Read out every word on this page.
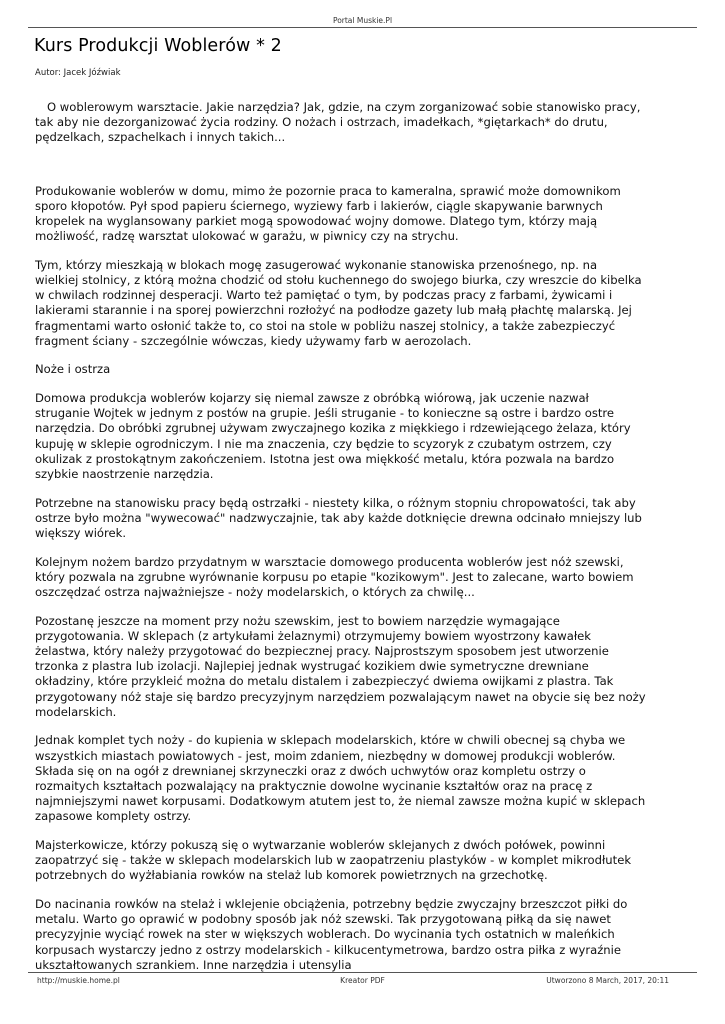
Portal Muskie.Pl
Kurs Produkcji Woblerów * 2
Autor: Jacek Jóźwiak

O woblerowym warsztacie. Jakie narzędzia? Jak, gdzie, na czym zorganizować sobie stanowisko pracy,
tak aby nie dezorganizować życia rodziny. O nożach i ostrzach, imadełkach, *giętarkach* do drutu,
pędzelkach, szpachelkach i innych takich...

Produkowanie woblerów w domu, mimo że pozornie praca to kameralna, sprawić może domownikom
sporo kłopotów. Pył spod papieru ściernego, wyziewy farb i lakierów, ciągle skapywanie barwnych
kropelek na wyglansowany parkiet mogą spowodować wojny domowe. Dlatego tym, którzy mają
możliwość, radzę warsztat ulokować w garażu, w piwnicy czy na strychu.

Tym, którzy mieszkają w blokach mogę zasugerować wykonanie stanowiska przenośnego, np. na
wielkiej stolnicy, z którą można chodzić od stołu kuchennego do swojego biurka, czy wreszcie do kibelka
w chwilach rodzinnej desperacji. Warto też pamiętać o tym, by podczas pracy z farbami, żywicami i
lakierami starannie i na sporej powierzchni rozłożyć na podłodze gazety lub małą płachtę malarską. Jej
fragmentami warto osłonić także to, co stoi na stole w pobliżu naszej stolnicy, a także zabezpieczyć
fragment ściany - szczególnie wówczas, kiedy używamy farb w aerozolach.

Noże i ostrza

Domowa produkcja woblerów kojarzy się niemal zawsze z obróbką wiórową, jak uczenie nazwał
struganie Wojtek w jednym z postów na grupie. Jeśli struganie - to konieczne są ostre i bardzo ostre
narzędzia. Do obróbki zgrubnej używam zwyczajnego kozika z miękkiego i rdzewiejącego żelaza, który
kupuję w sklepie ogrodniczym. I nie ma znaczenia, czy będzie to scyzoryk z czubatym ostrzem, czy
okulizak z prostokątnym zakończeniem. Istotna jest owa miękkość metalu, która pozwala na bardzo
szybkie naostrzenie narzędzia.

Potrzebne na stanowisku pracy będą ostrzałki - niestety kilka, o różnym stopniu chropowatości, tak aby
ostrze było można "wywecować" nadzwyczajnie, tak aby każde dotknięcie drewna odcinało mniejszy lub
większy wiórek.

Kolejnym nożem bardzo przydatnym w warsztacie domowego producenta woblerów jest nóż szewski,
który pozwala na zgrubne wyrównanie korpusu po etapie "kozikowym". Jest to zalecane, warto bowiem
oszczędzać ostrza najważniejsze - noży modelarskich, o których za chwilę...

Pozostanę jeszcze na moment przy nożu szewskim, jest to bowiem narzędzie wymagające
przygotowania. W sklepach (z artykułami żelaznymi) otrzymujemy bowiem wyostrzony kawałek
żelastwa, który należy przygotować do bezpiecznej pracy. Najprostszym sposobem jest utworzenie
trzonka z plastra lub izolacji. Najlepiej jednak wystrugać kozikiem dwie symetryczne drewniane
okładziny, które przykleić można do metalu distalem i zabezpieczyć dwiema owijkami z plastra. Tak
przygotowany nóż staje się bardzo precyzyjnym narzędziem pozwalającym nawet na obycie się bez noży
modelarskich.

Jednak komplet tych noży - do kupienia w sklepach modelarskich, które w chwili obecnej są chyba we
wszystkich miastach powiatowych - jest, moim zdaniem, niezbędny w domowej produkcji woblerów.
Składa się on na ogół z drewnianej skrzyneczki oraz z dwóch uchwytów oraz kompletu ostrzy o
rozmaitych kształtach pozwalający na praktycznie dowolne wycinanie kształtów oraz na pracę z
najmniejszymi nawet korpusami. Dodatkowym atutem jest to, że niemal zawsze można kupić w sklepach
zapasowe komplety ostrzy.

Majsterkowicze, którzy pokuszą się o wytwarzanie woblerów sklejanych z dwóch połówek, powinni
zaopatrzyć się - także w sklepach modelarskich lub w zaopatrzeniu plastyków - w komplet mikrodłutek
potrzebnych do wyżłabiania rowków na stelaż lub komorek powietrznych na grzechotkę.

Do nacinania rowków na stelaż i wklejenie obciążenia, potrzebny będzie zwyczajny brzeszczot piłki do
metalu. Warto go oprawić w podobny sposób jak nóż szewski. Tak przygotowaną piłką da się nawet
precyzyjnie wyciąć rowek na ster w większych woblerach. Do wycinania tych ostatnich w maleńkich
korpusach wystarczy jedno z ostrzy modelarskich - kilkucentymetrowa, bardzo ostra piłka z wyraźnie
ukształtowanych szrankiem. Inne narzędzia i utensylia

http://muskie.home.pl	Kreator PDF	Utworzono 8 March, 2017, 20:11
